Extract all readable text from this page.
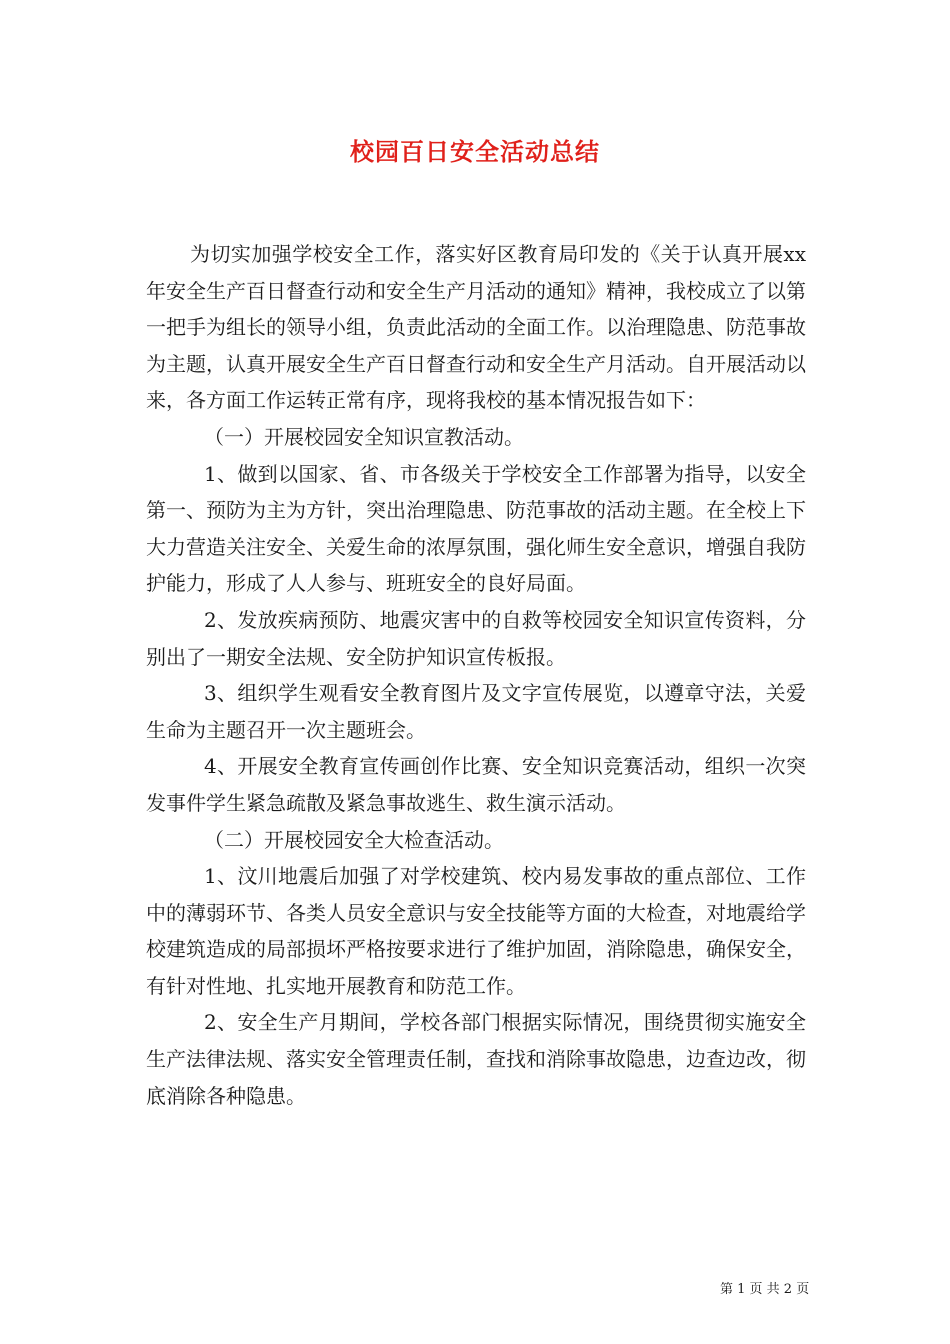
校园百日安全活动总结

为切实加强学校安全工作，落实好区教育局印发的《关于认真开展xx年安全生产百日督查行动和安全生产月活动的通知》精神，我校成立了以第一把手为组长的领导小组，负责此活动的全面工作。以治理隐患、防范事故为主题，认真开展安全生产百日督查行动和安全生产月活动。自开展活动以来，各方面工作运转正常有序，现将我校的基本情况报告如下：

（一）开展校园安全知识宣教活动。

1、做到以国家、省、市各级关于学校安全工作部署为指导，以安全第一、预防为主为方针，突出治理隐患、防范事故的活动主题。在全校上下大力营造关注安全、关爱生命的浓厚氛围，强化师生安全意识，增强自我防护能力，形成了人人参与、班班安全的良好局面。

2、发放疾病预防、地震灾害中的自救等校园安全知识宣传资料，分别出了一期安全法规、安全防护知识宣传板报。

3、组织学生观看安全教育图片及文字宣传展览，以遵章守法，关爱生命为主题召开一次主题班会。

4、开展安全教育宣传画创作比赛、安全知识竞赛活动，组织一次突发事件学生紧急疏散及紧急事故逃生、救生演示活动。

（二）开展校园安全大检查活动。

1、汶川地震后加强了对学校建筑、校内易发事故的重点部位、工作中的薄弱环节、各类人员安全意识与安全技能等方面的大检查，对地震给学校建筑造成的局部损坏严格按要求进行了维护加固，消除隐患，确保安全，有针对性地、扎实地开展教育和防范工作。

2、安全生产月期间，学校各部门根据实际情况，围绕贯彻实施安全生产法律法规、落实安全管理责任制，查找和消除事故隐患，边查边改，彻底消除各种隐患。

第 1 页 共 2 页
